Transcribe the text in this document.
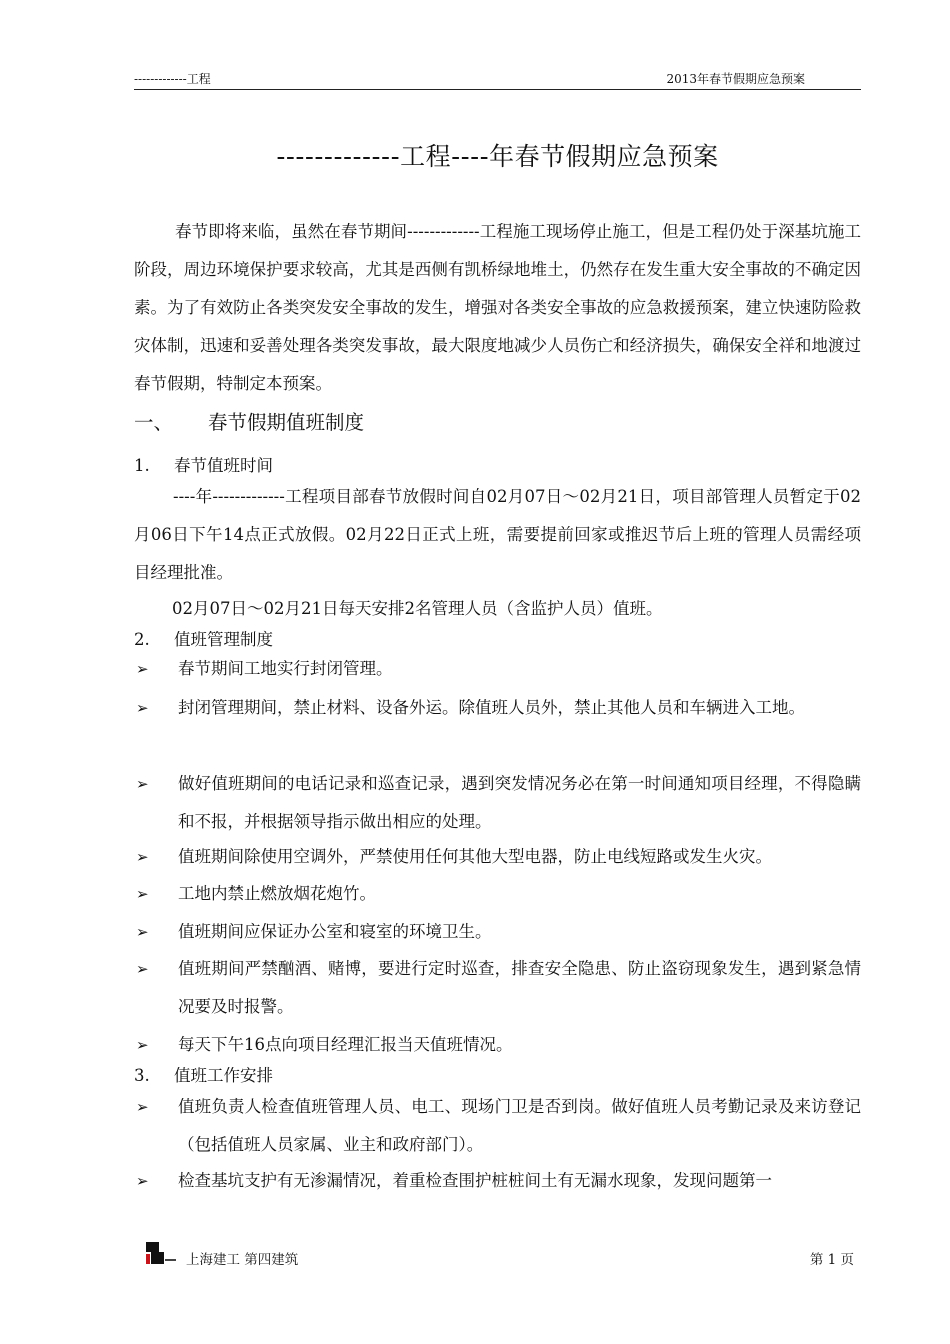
-------------工程	2013年春节假期应急预案
-------------工程----年春节假期应急预案

春节即将来临，虽然在春节期间-------------工程施工现场停止施工，但是工程仍处于深基坑施工阶段，周边环境保护要求较高，尤其是西侧有凯桥绿地堆土，仍然存在发生重大安全事故的不确定因素。为了有效防止各类突发安全事故的发生，增强对各类安全事故的应急救援预案，建立快速防险救灾体制，迅速和妥善处理各类突发事故，最大限度地减少人员伤亡和经济损失，确保安全祥和地渡过春节假期，特制定本预案。

一、 春节假期值班制度
1. 春节值班时间

----年-------------工程项目部春节放假时间自02月07日～02月21日，项目部管理人员暂定于02月06日下午14点正式放假。02月22日正式上班，需要提前回家或推迟节后上班的管理人员需经项目经理批准。

02月07日～02月21日每天安排2名管理人员（含监护人员）值班。
2. 值班管理制度
➢ 春节期间工地实行封闭管理。
➢ 封闭管理期间，禁止材料、设备外运。除值班人员外，禁止其他人员和车辆进入工地。
➢ 做好值班期间的电话记录和巡查记录，遇到突发情况务必在第一时间通知项目经理，不得隐瞒和不报，并根据领导指示做出相应的处理。
➢ 值班期间除使用空调外，严禁使用任何其他大型电器，防止电线短路或发生火灾。
➢ 工地内禁止燃放烟花炮竹。
➢ 值班期间应保证办公室和寝室的环境卫生。
➢ 值班期间严禁酗酒、赌博，要进行定时巡查，排查安全隐患、防止盗窃现象发生，遇到紧急情况要及时报警。
➢ 每天下午16点向项目经理汇报当天值班情况。
3. 值班工作安排
➢ 值班负责人检查值班管理人员、电工、现场门卫是否到岗。做好值班人员考勤记录及来访登记（包括值班人员家属、业主和政府部门）。
➢ 检查基坑支护有无渗漏情况，着重检查围护桩桩间土有无漏水现象，发现问题第一
上海建工 第四建筑	第 1 页
